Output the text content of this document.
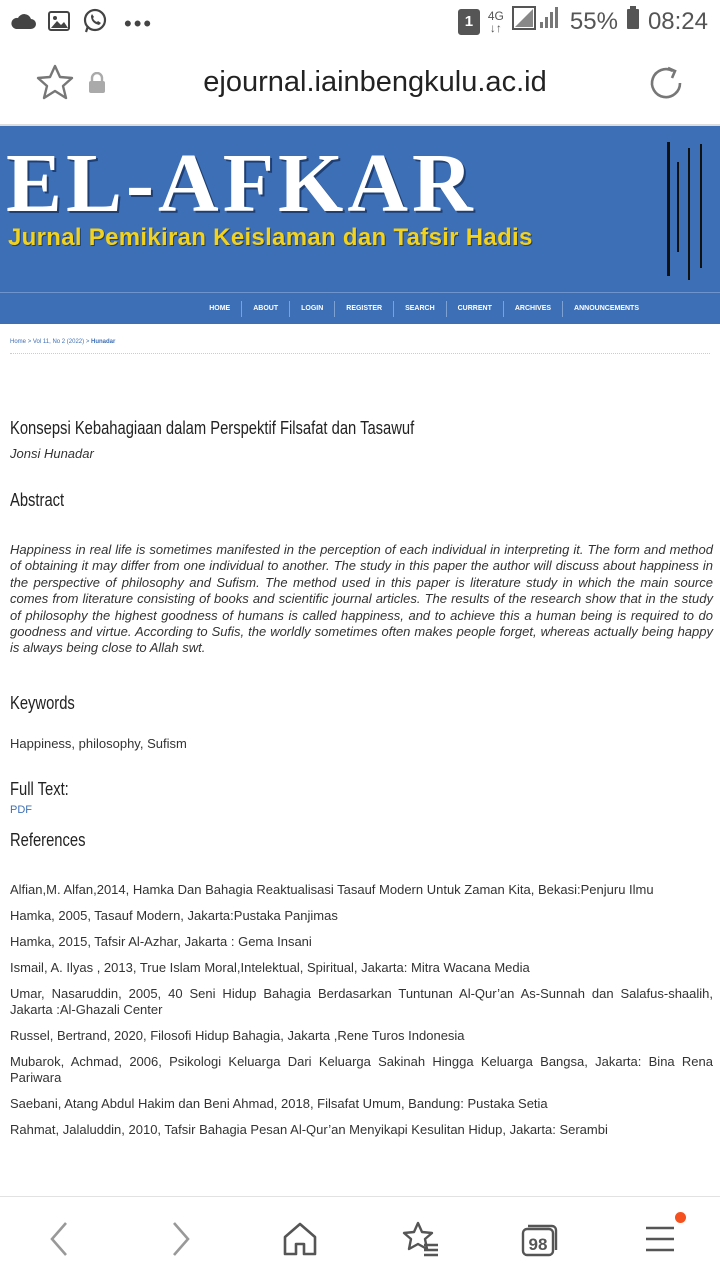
•••	1	4G
↓↑	55% 08:24
ejournal.iainbengkulu.ac.id
EL-AFKAR
Jurnal Pemikiran Keislaman dan Tafsir Hadis
HOME	ABOUT	LOGIN	REGISTER	SEARCH	CURRENT	ARCHIVES	ANNOUNCEMENTS
Home > Vol 11, No 2 (2022) > Hunadar
Konsepsi Kebahagiaan dalam Perspektif Filsafat dan Tasawuf
Jonsi Hunadar
Abstract
Happiness in real life is sometimes manifested in the perception of each individual in interpreting it. The form and method of obtaining it may differ from one individual to another. The study in this paper the author will discuss about happiness in the perspective of philosophy and Sufism. The method used in this paper is literature study in which the main source comes from literature consisting of books and scientific journal articles. The results of the research show that in the study of philosophy the highest goodness of humans is called happiness, and to achieve this a human being is required to do goodness and virtue. According to Sufis, the worldly sometimes often makes people forget, whereas actually being happy is always being close to Allah swt.
Keywords
Happiness, philosophy, Sufism
Full Text:
PDF
References

Alfian,M. Alfan,2014, Hamka Dan Bahagia Reaktualisasi Tasauf Modern Untuk Zaman Kita, Bekasi:Penjuru Ilmu

Hamka, 2005, Tasauf Modern, Jakarta:Pustaka Panjimas

Hamka, 2015, Tafsir Al-Azhar, Jakarta : Gema Insani

Ismail, A. Ilyas , 2013, True Islam Moral,Intelektual, Spiritual, Jakarta: Mitra Wacana Media

Umar, Nasaruddin, 2005, 40 Seni Hidup Bahagia Berdasarkan Tuntunan Al-Qur’an As-Sunnah dan Salafus-shaalih, Jakarta :Al-Ghazali Center

Russel, Bertrand, 2020, Filosofi Hidup Bahagia, Jakarta ,Rene Turos Indonesia

Mubarok, Achmad, 2006, Psikologi Keluarga Dari Keluarga Sakinah Hingga Keluarga Bangsa, Jakarta: Bina Rena Pariwara

Saebani, Atang Abdul Hakim dan Beni Ahmad, 2018, Filsafat Umum, Bandung: Pustaka Setia

Rahmat, Jalaluddin, 2010, Tafsir Bahagia Pesan Al-Qur’an Menyikapi Kesulitan Hidup, Jakarta: Serambi

98
